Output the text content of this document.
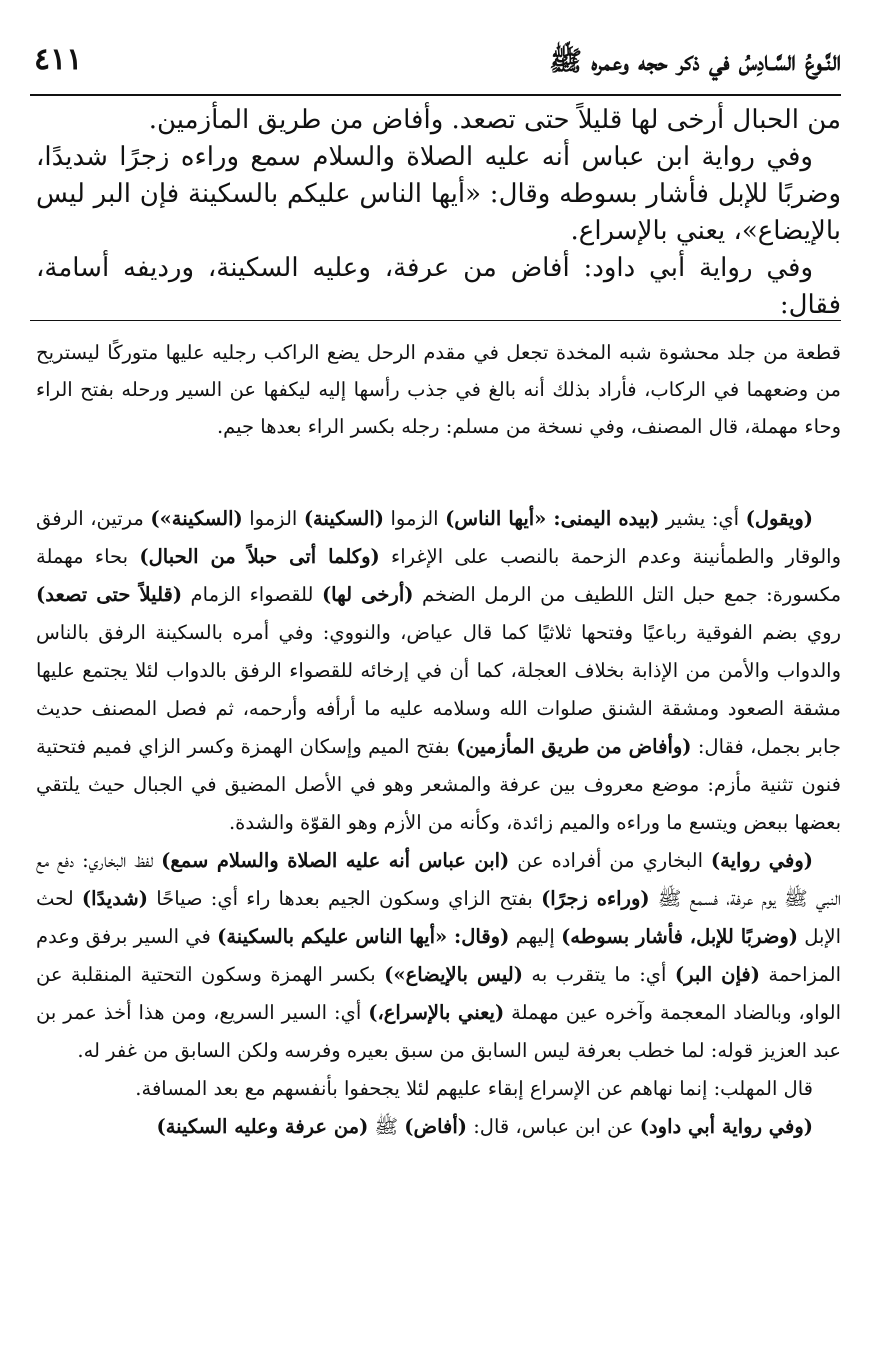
النَّـوعُ السَّـادِسُ في ذكر حجه وعمره ﷺ
٤١١

من الحبال أرخى لها قليلاً حتى تصعد. وأفاض من طريق المأزمين.

وفي رواية ابن عباس أنه عليه الصلاة والسلام سمع وراءه زجرًا شديدًا، وضربًا للإبل فأشار بسوطه وقال: «أيها الناس عليكم بالسكينة فإن البر ليس بالإيضاع»، يعني بالإسراع.

وفي رواية أبي داود: أفاض من عرفة، وعليه السكينة، ورديفه أسامة، فقال:

قطعة من جلد محشوة شبه المخدة تجعل في مقدم الرحل يضع الراكب رجليه عليها متوركًا ليستريح من وضعهما في الركاب، فأراد بذلك أنه بالغ في جذب رأسها إليه ليكفها عن السير ورحله بفتح الراء وحاء مهملة، قال المصنف، وفي نسخة من مسلم: رجله بكسر الراء بعدها جيم.

(ويقول) أي: يشير (بيده اليمنى: «أيها الناس) الزموا (السكينة) الزموا (السكينة») مرتين، الرفق والوقار والطمأنينة وعدم الزحمة بالنصب على الإغراء (وكلما أتى حبلاً من الحبال) بحاء مهملة مكسورة: جمع حبل التل اللطيف من الرمل الضخم (أرخى لها) للقصواء الزمام (قليلاً حتى تصعد) روي بضم الفوقية رباعيًا وفتحها ثلاثيًا كما قال عياض، والنووي: وفي أمره بالسكينة الرفق بالناس والدواب والأمن من الإذابة بخلاف العجلة، كما أن في إرخائه للقصواء الرفق بالدواب لئلا يجتمع عليها مشقة الصعود ومشقة الشنق صلوات الله وسلامه عليه ما أرأفه وأرحمه، ثم فصل المصنف حديث جابر بجمل، فقال: (وأفاض من طريق المأزمين) بفتح الميم وإسكان الهمزة وكسر الزاي فميم فتحتية فنون تثنية مأزم: موضع معروف بين عرفة والمشعر وهو في الأصل المضيق في الجبال حيث يلتقي بعضها ببعض ويتسع ما وراءه والميم زائدة، وكأنه من الأزم وهو القوّة والشدة.

(وفي رواية) البخاري من أفراده عن (ابن عباس أنه عليه الصلاة والسلام سمع) لفظ البخاري: دفع مع النبي ﷺ يوم عرفة، فسمع ﷺ (وراءه زجرًا) بفتح الزاي وسكون الجيم بعدها راء أي: صياحًا (شديدًا) لحث الإبل (وضربًا للإبل، فأشار بسوطه) إليهم (وقال: «أيها الناس عليكم بالسكينة) في السير برفق وعدم المزاحمة (فإن البر) أي: ما يتقرب به (ليس بالإيضاع») بكسر الهمزة وسكون التحتية المنقلبة عن الواو، وبالضاد المعجمة وآخره عين مهملة (يعني بالإسراع،) أي: السير السريع، ومن هذا أخذ عمر بن عبد العزيز قوله: لما خطب بعرفة ليس السابق من سبق بعيره وفرسه ولكن السابق من غفر له.

قال المهلب: إنما نهاهم عن الإسراع إبقاء عليهم لئلا يجحفوا بأنفسهم مع بعد المسافة.

(وفي رواية أبي داود) عن ابن عباس، قال: (أفاض) ﷺ (من عرفة وعليه السكينة)
